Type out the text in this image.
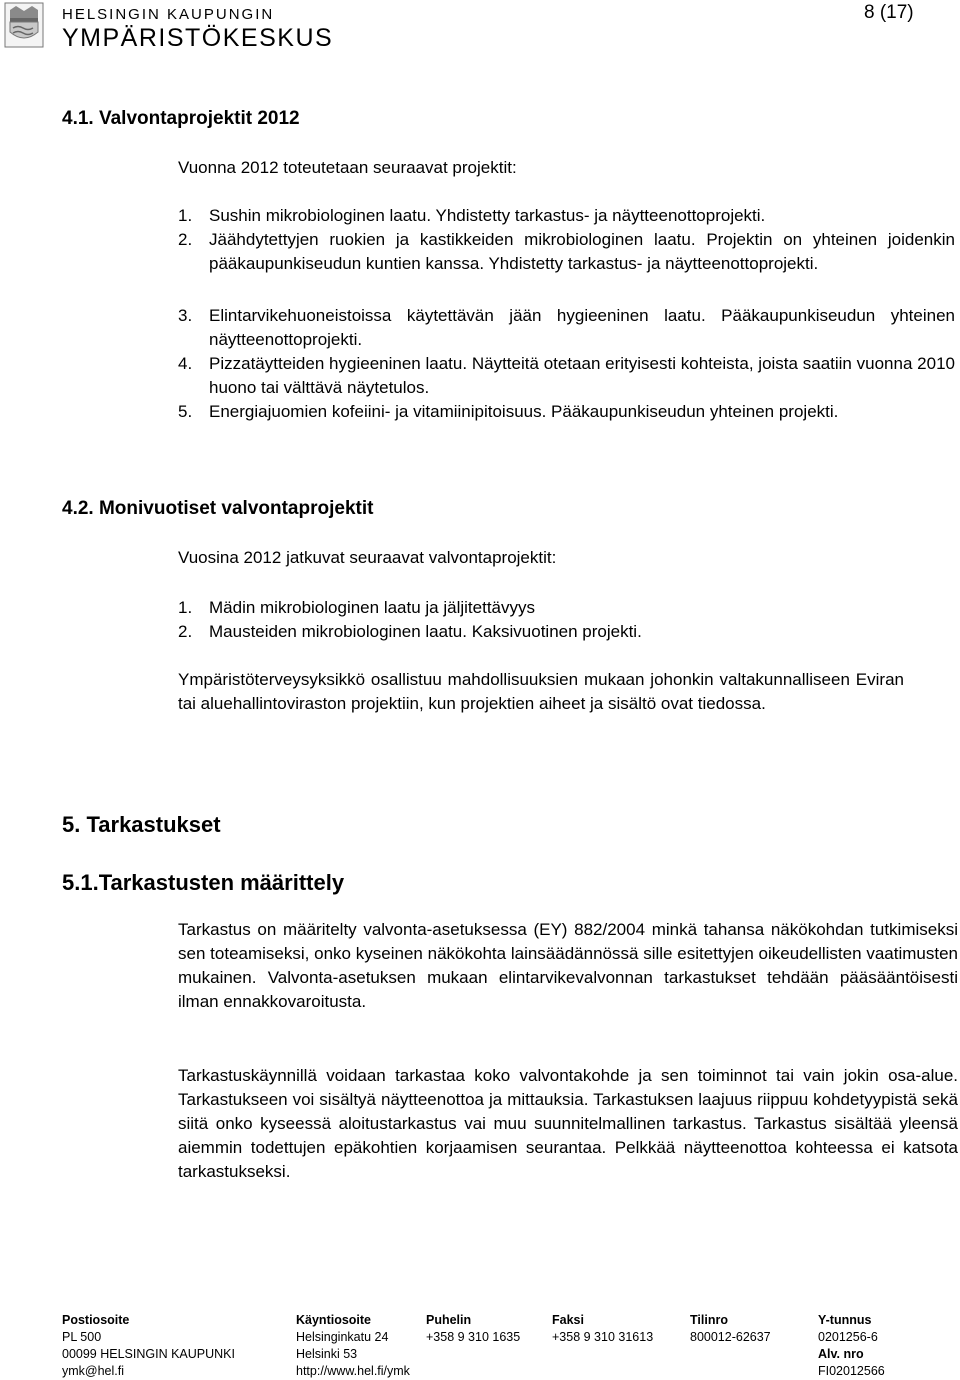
HELSINGIN KAUPUNGIN
YMPÄRISTÖKESKUS
8 (17)
4.1. Valvontaprojektit 2012

Vuonna 2012 toteutetaan seuraavat projektit:

1. Sushin mikrobiologinen laatu. Yhdistetty tarkastus- ja näytteenottoprojekti.

2. Jäähdytettyjen ruokien ja kastikkeiden mikrobiologinen laatu. Projektin on yhteinen joidenkin pääkaupunkiseudun kuntien kanssa. Yhdistetty tarkastus- ja näytteenottoprojekti.

3. Elintarvikehuoneistoissa käytettävän jään hygieeninen laatu. Pääkaupunkiseudun yhteinen näytteenottoprojekti.

4. Pizzatäytteiden hygieeninen laatu. Näytteitä otetaan erityisesti kohteista, joista saatiin vuonna 2010 huono tai välttävä näytetulos.

5. Energiajuomien kofeiini- ja vitamiinipitoisuus. Pääkaupunkiseudun yhteinen projekti.

4.2. Monivuotiset valvontaprojektit

Vuosina 2012 jatkuvat seuraavat valvontaprojektit:

1. Mädin mikrobiologinen laatu ja jäljitettävyys

2. Mausteiden mikrobiologinen laatu. Kaksivuotinen projekti.

Ympäristöterveysyksikkö osallistuu mahdollisuuksien mukaan johonkin valtakunnalliseen Eviran tai aluehallintoviraston projektiin, kun projektien aiheet ja sisältö ovat tiedossa.

5. Tarkastukset
5.1.Tarkastusten määrittely

Tarkastus on määritelty valvonta-asetuksessa (EY) 882/2004 minkä tahansa näkökohdan tutkimiseksi sen toteamiseksi, onko kyseinen näkökohta lainsäädännössä sille esitettyjen oikeudellisten vaatimusten mukainen. Valvonta-asetuksen mukaan elintarvikevalvonnan tarkastukset tehdään pääsääntöisesti ilman ennakkovaroitusta.

Tarkastuskäynnillä voidaan tarkastaa koko valvontakohde ja sen toiminnot tai vain jokin osa-alue. Tarkastukseen voi sisältyä näytteenottoa ja mittauksia. Tarkastuksen laajuus riippuu kohdetyypistä sekä siitä onko kyseessä aloitustarkastus vai muu suunnitelmallinen tarkastus. Tarkastus sisältää yleensä aiemmin todettujen epäkohtien korjaamisen seurantaa. Pelkkää näytteenottoa kohteessa ei katsota tarkastukseksi.

Postiosoite
PL 500
00099 HELSINGIN KAUPUNKI
ymk@hel.fi
Käyntiosoite
Helsinginkatu 24
Helsinki 53
http://www.hel.fi/ymk
Puhelin
+358 9 310 1635
Faksi
+358 9 310 31613
Tilinro
800012-62637
Y-tunnus
0201256-6
Alv. nro
FI02012566
